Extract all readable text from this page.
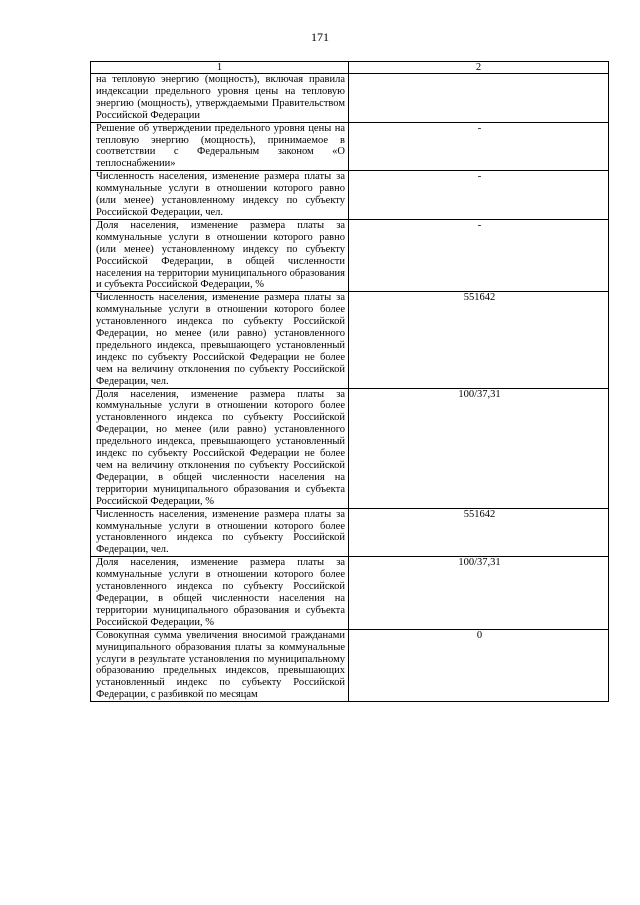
171
1	2
на тепловую энергию (мощность), включая правила индексации предельного уровня цены на тепловую энергию (мощность), утверждаемыми Правительством Российской Федерации	
Решение об утверждении предельного уровня цены на тепловую энергию (мощность), принимаемое в соответствии с Федеральным законом «О теплоснабжении»	-
Численность населения, изменение размера платы за коммунальные услуги в отношении которого равно (или менее) установленному индексу по субъекту Российской Федерации, чел.	-
Доля населения, изменение размера платы за коммунальные услуги в отношении которого равно (или менее) установленному индексу по субъекту Российской Федерации, в общей численности населения на территории муниципального образования и субъекта Российской Федерации, %	-
Численность населения, изменение размера платы за коммунальные услуги в отношении которого более установленного индекса по субъекту Российской Федерации, но менее (или равно) установленного предельного индекса, превышающего установленный индекс по субъекту Российской Федерации не более чем на величину отклонения по субъекту Российской Федерации, чел.	551642
Доля населения, изменение размера платы за коммунальные услуги в отношении которого более установленного индекса по субъекту Российской Федерации, но менее (или равно) установленного предельного индекса, превышающего установленный индекс по субъекту Российской Федерации не более чем на величину отклонения по субъекту Российской Федерации, в общей численности населения на территории муниципального образования и субъекта Российской Федерации, %	100/37,31
Численность населения, изменение размера платы за коммунальные услуги в отношении которого более установленного индекса по субъекту Российской Федерации, чел.	551642
Доля населения, изменение размера платы за коммунальные услуги в отношении которого более установленного индекса по субъекту Российской Федерации, в общей численности населения на территории муниципального образования и субъекта Российской Федерации, %	100/37,31
Совокупная сумма увеличения вносимой гражданами муниципального образования платы за коммунальные услуги в результате установления по муниципальному образованию предельных индексов, превышающих установленный индекс по субъекту Российской Федерации, с разбивкой по месяцам	0
